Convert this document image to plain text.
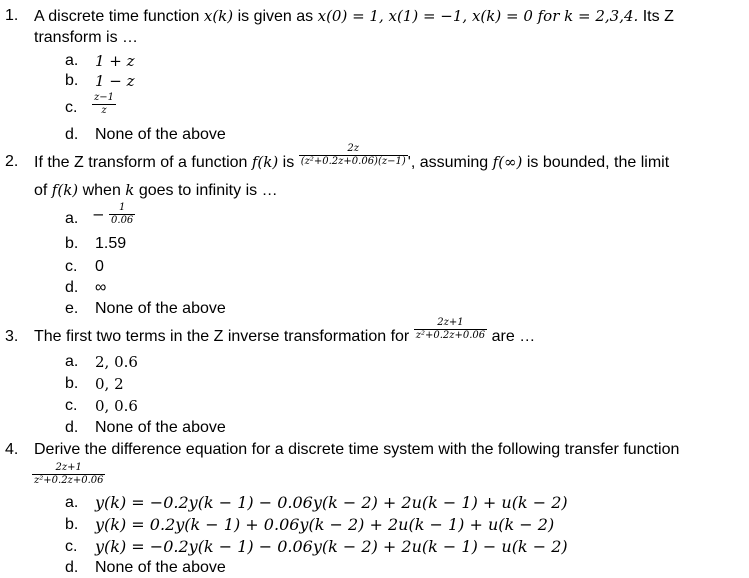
1. A discrete time function x(k) is given as x(0) = 1, x(1) = −1, x(k) = 0 for k = 2,3,4. Its Z
transform is …
a. 1 + z
b. 1 − z
c. $\frac{z-1}{z}$
d. None of the above
2. If the Z transform of a function f(k) is $\frac{2z}{\text{(z²+0.2z+0.06)(z−1)}}$ ', assuming f(∞) is bounded, the limit
of f(k) when k goes to infinity is …
a. − $\frac{1}{0.06}$
b. 1.59
c. 0
d. ∞
e. None of the above
3. The first two terms in the Z inverse transformation for $\frac{2z+1}{\text{z²+0.2z+0.06}}$ are …
a. 2, 0.6
b. 0, 2
c. 0, 0.6
d. None of the above
4. Derive the difference equation for a discrete time system with the following transfer function
$\frac{2z+1}{\text{z²+0.2z+0.06}}$
a. y(k) = −0.2y(k − 1) − 0.06y(k − 2) + 2u(k − 1) + u(k − 2)
b. y(k) = 0.2y(k − 1) + 0.06y(k − 2) + 2u(k − 1) + u(k − 2)
c. y(k) = −0.2y(k − 1) − 0.06y(k − 2) + 2u(k − 1) − u(k − 2)
d. None of the above
